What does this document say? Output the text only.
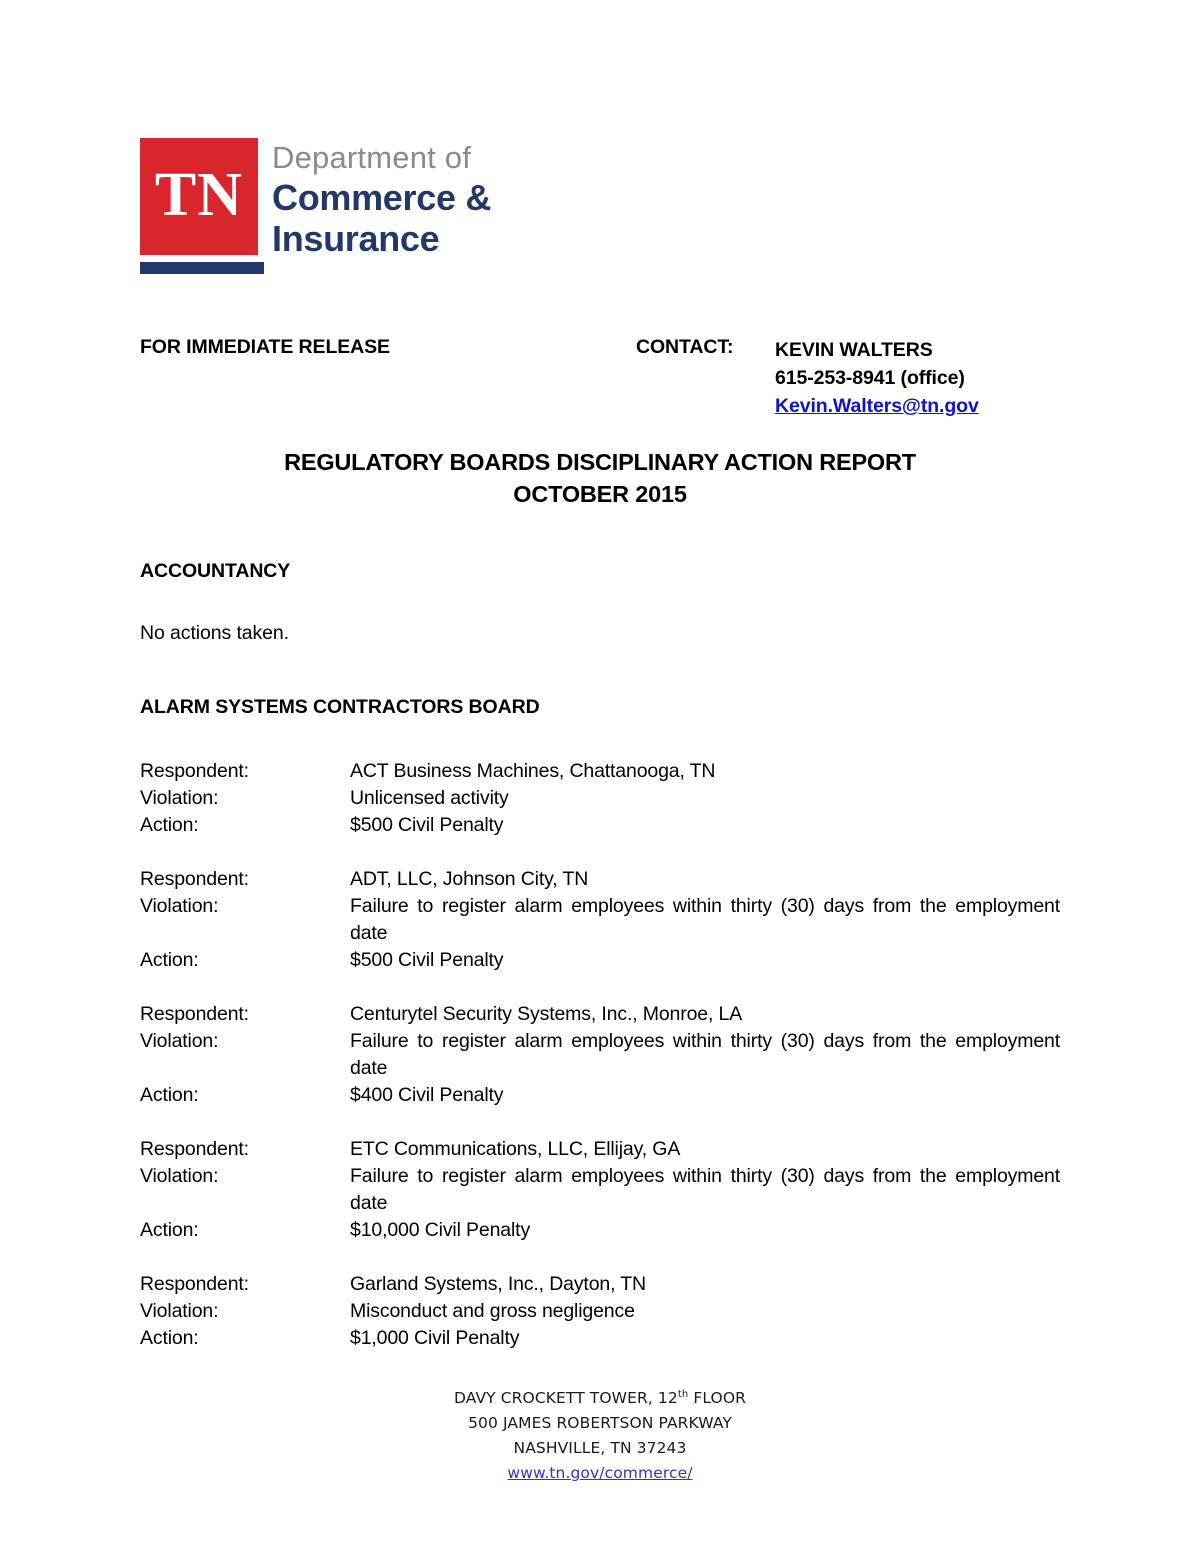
TN
Department of
Commerce &
Insurance
FOR IMMEDIATE RELEASE	CONTACT: KEVIN WALTERS
615-253-8941 (office)
Kevin.Walters@tn.gov
REGULATORY BOARDS DISCIPLINARY ACTION REPORT
OCTOBER 2015
ACCOUNTANCY
No actions taken.
ALARM SYSTEMS CONTRACTORS BOARD
Respondent:	ACT Business Machines, Chattanooga, TN
Violation:	Unlicensed activity
Action:	$500 Civil Penalty
Respondent:	ADT, LLC, Johnson City, TN
Violation:	Failure to register alarm employees within thirty (30) days from the employment date
Action:	$500 Civil Penalty
Respondent:	Centurytel Security Systems, Inc., Monroe, LA
Violation:	Failure to register alarm employees within thirty (30) days from the employment date
Action:	$400 Civil Penalty
Respondent:	ETC Communications, LLC, Ellijay, GA
Violation:	Failure to register alarm employees within thirty (30) days from the employment date
Action:	$10,000 Civil Penalty
Respondent:	Garland Systems, Inc., Dayton, TN
Violation:	Misconduct and gross negligence
Action:	$1,000 Civil Penalty
DAVY CROCKETT TOWER, 12th FLOOR
500 JAMES ROBERTSON PARKWAY
NASHVILLE, TN 37243
www.tn.gov/commerce/
